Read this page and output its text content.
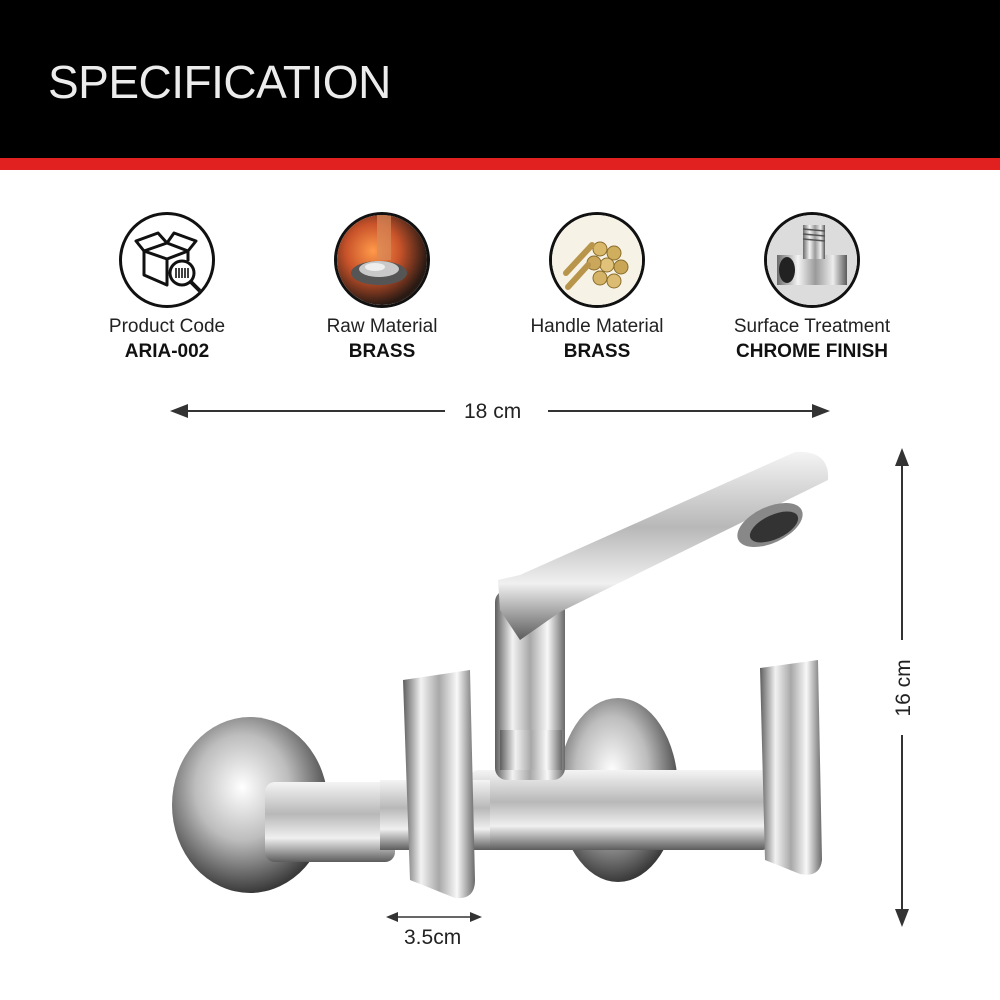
SPECIFICATION
Product Code
ARIA-002
Raw Material
BRASS
Handle Material
BRASS
Surface Treatment
CHROME FINISH
18 cm
16 cm
3.5cm
